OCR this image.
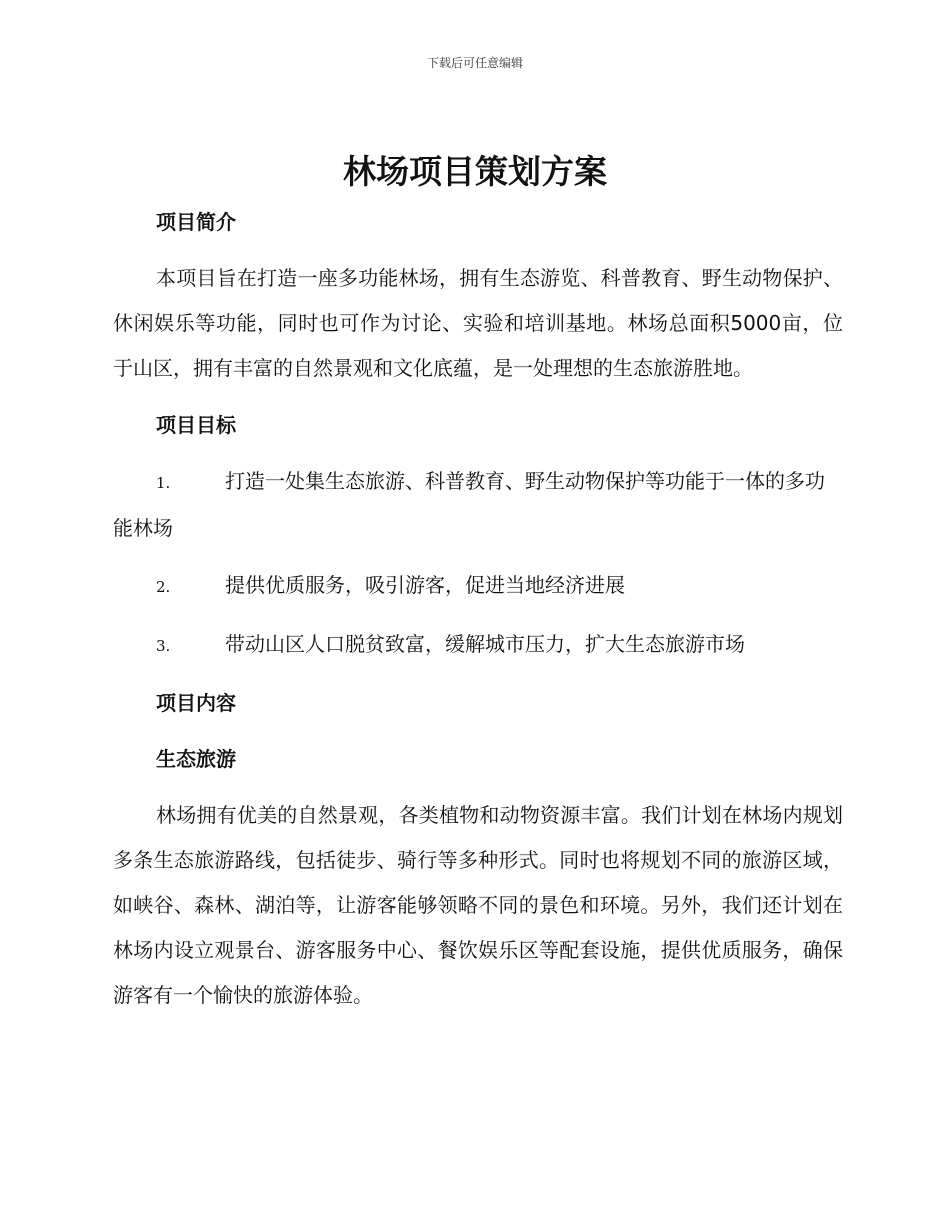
下载后可任意编辑
林场项目策划方案
项目简介

本项目旨在打造一座多功能林场，拥有生态游览、科普教育、野生动物保护、休闲娱乐等功能，同时也可作为讨论、实验和培训基地。林场总面积5000亩，位于山区，拥有丰富的自然景观和文化底蕴，是一处理想的生态旅游胜地。

项目目标

1.	打造一处集生态旅游、科普教育、野生动物保护等功能于一体的多功能林场

2.	提供优质服务，吸引游客，促进当地经济进展

3.	带动山区人口脱贫致富，缓解城市压力，扩大生态旅游市场

项目内容
生态旅游

林场拥有优美的自然景观，各类植物和动物资源丰富。我们计划在林场内规划多条生态旅游路线，包括徒步、骑行等多种形式。同时也将规划不同的旅游区域，如峡谷、森林、湖泊等，让游客能够领略不同的景色和环境。另外，我们还计划在林场内设立观景台、游客服务中心、餐饮娱乐区等配套设施，提供优质服务，确保游客有一个愉快的旅游体验。
